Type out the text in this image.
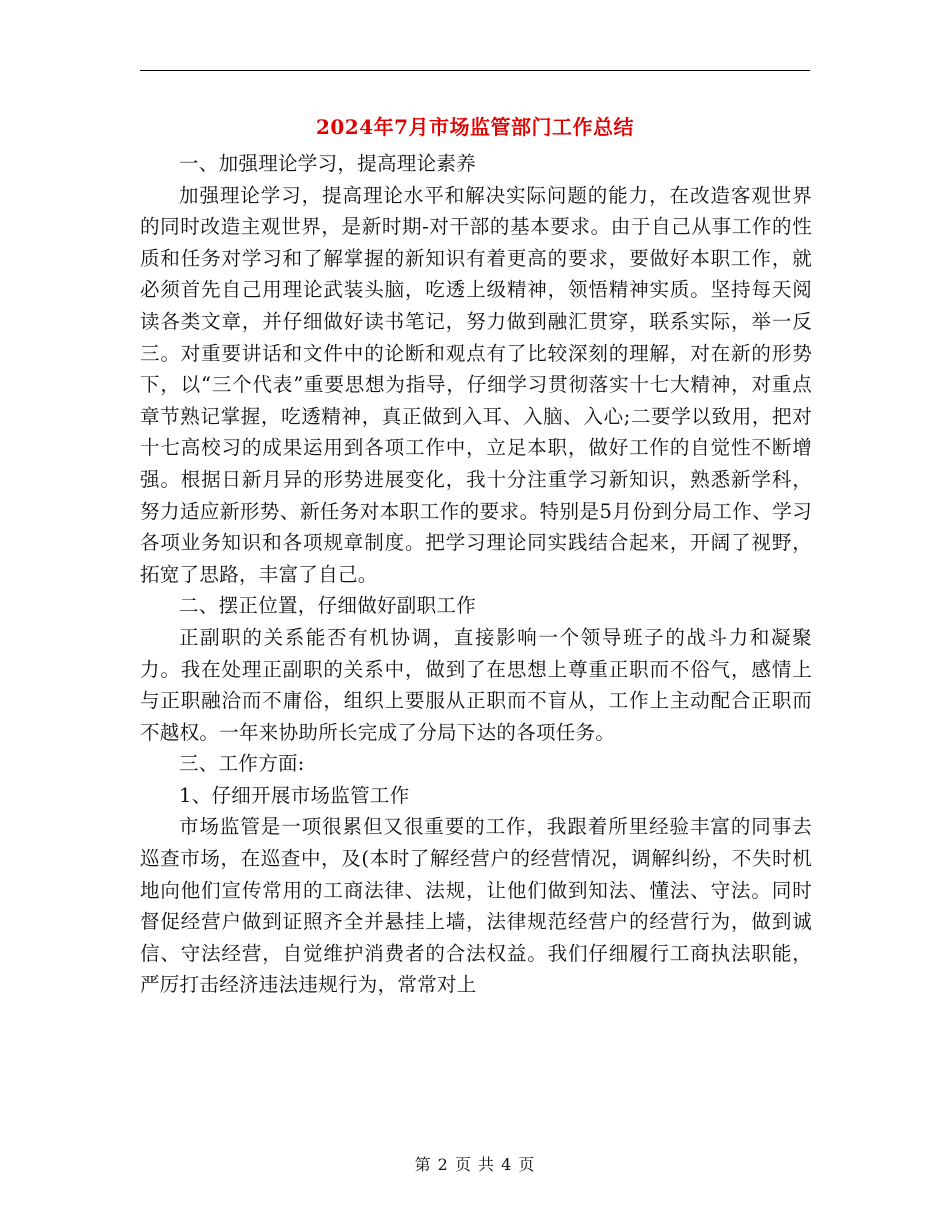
2024年7月市场监管部门工作总结

一、加强理论学习，提高理论素养

加强理论学习，提高理论水平和解决实际问题的能力，在改造客观世界的同时改造主观世界，是新时期-对干部的基本要求。由于自己从事工作的性质和任务对学习和了解掌握的新知识有着更高的要求，要做好本职工作，就必须首先自己用理论武装头脑，吃透上级精神，领悟精神实质。坚持每天阅读各类文章，并仔细做好读书笔记，努力做到融汇贯穿，联系实际，举一反三。对重要讲话和文件中的论断和观点有了比较深刻的理解，对在新的形势下，以“三个代表”重要思想为指导，仔细学习贯彻落实十七大精神，对重点章节熟记掌握，吃透精神，真正做到入耳、入脑、入心;二要学以致用，把对十七高校习的成果运用到各项工作中，立足本职，做好工作的自觉性不断增强。根据日新月异的形势进展变化，我十分注重学习新知识，熟悉新学科，努力适应新形势、新任务对本职工作的要求。特别是5月份到分局工作、学习各项业务知识和各项规章制度。把学习理论同实践结合起来，开阔了视野，拓宽了思路，丰富了自己。

二、摆正位置，仔细做好副职工作

正副职的关系能否有机协调，直接影响一个领导班子的战斗力和凝聚力。我在处理正副职的关系中，做到了在思想上尊重正职而不俗气，感情上与正职融洽而不庸俗，组织上要服从正职而不盲从，工作上主动配合正职而不越权。一年来协助所长完成了分局下达的各项任务。

三、工作方面:

1、仔细开展市场监管工作

市场监管是一项很累但又很重要的工作，我跟着所里经验丰富的同事去巡查市场，在巡查中，及(本时了解经营户的经营情况，调解纠纷，不失时机地向他们宣传常用的工商法律、法规，让他们做到知法、懂法、守法。同时督促经营户做到证照齐全并悬挂上墙，法律规范经营户的经营行为，做到诚信、守法经营，自觉维护消费者的合法权益。我们仔细履行工商执法职能，严厉打击经济违法违规行为，常常对上

第 2 页 共 4 页
